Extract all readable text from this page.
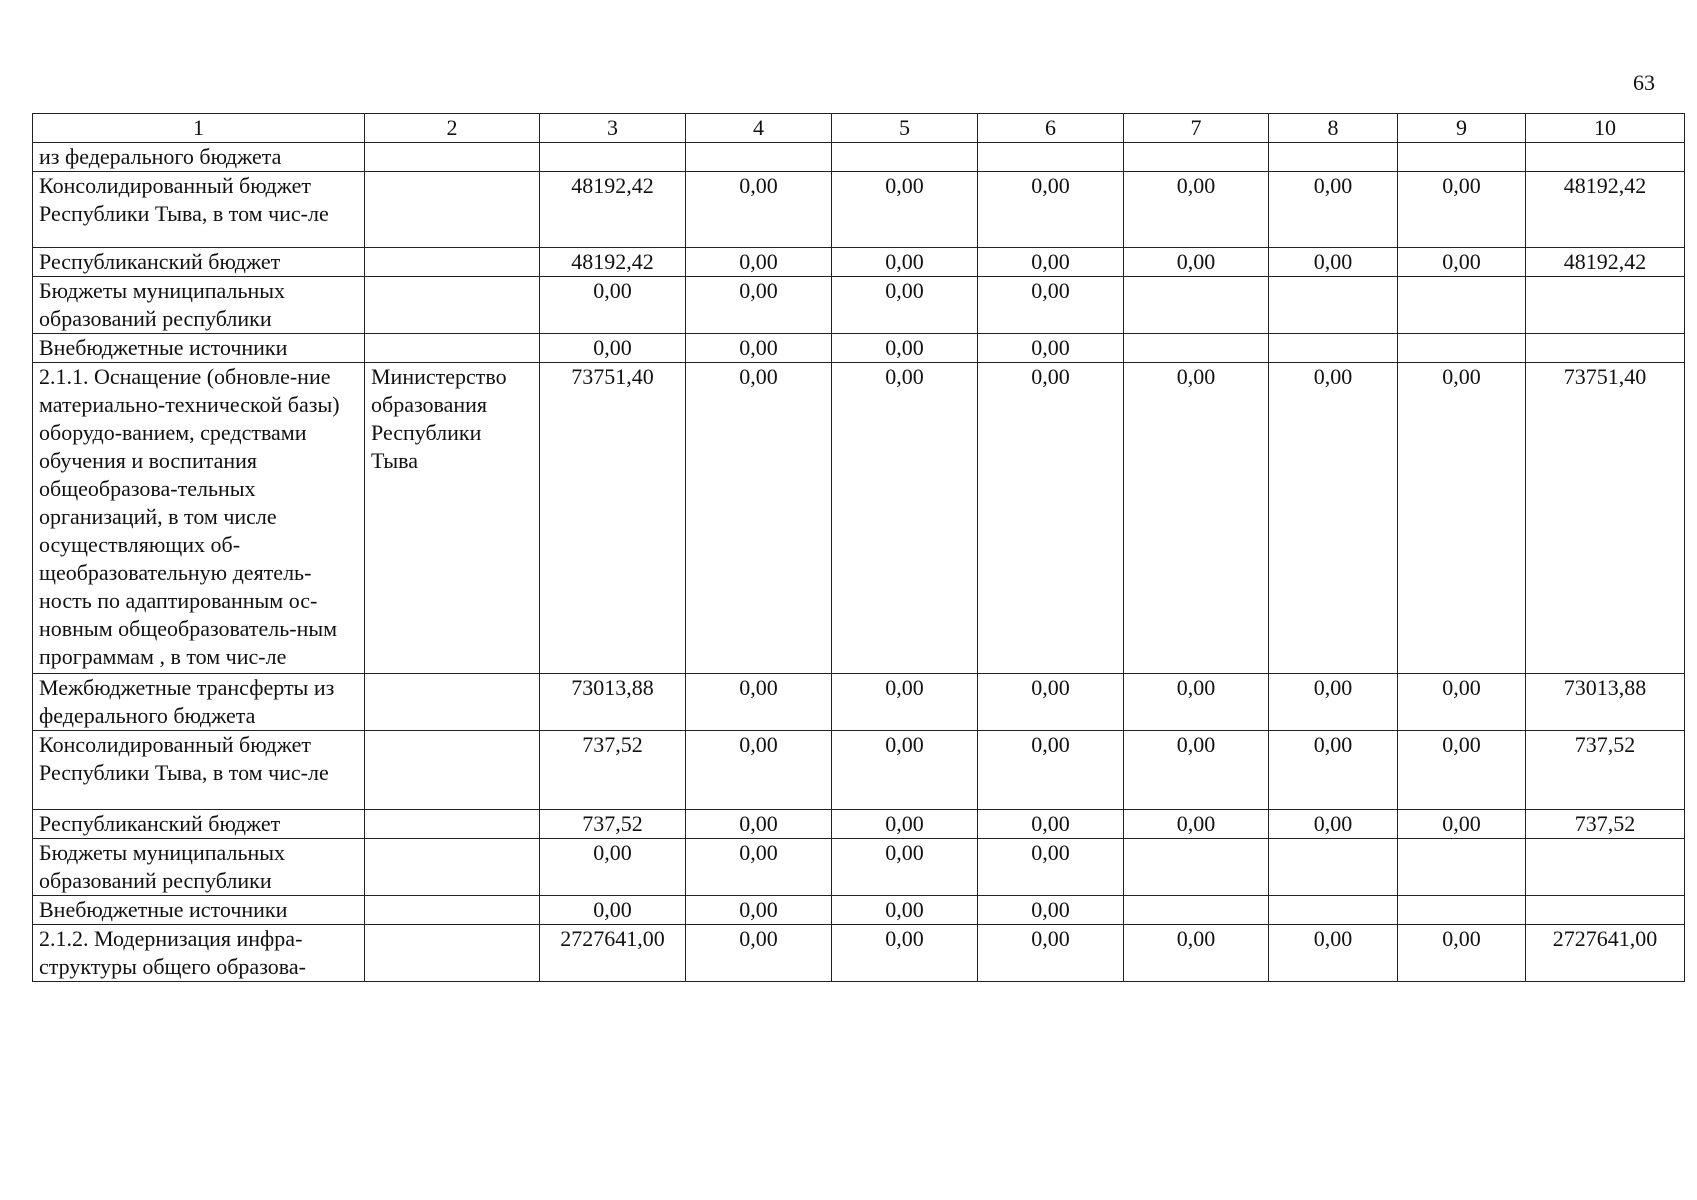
63
1	2	3	4	5	6	7	8	9	10
из федерального бюджета									
Консолидированный бюджет Республики Тыва, в том чис-ле		48192,42	0,00	0,00	0,00	0,00	0,00	0,00	48192,42
Республиканский бюджет		48192,42	0,00	0,00	0,00	0,00	0,00	0,00	48192,42
Бюджеты муниципальных образований республики		0,00	0,00	0,00	0,00				
Внебюджетные источники		0,00	0,00	0,00	0,00				
2.1.1. Оснащение (обновле-ние материально-технической базы) оборудо-ванием, средствами обучения и воспитания общеобразова-тельных организаций, в том числе осуществляющих об-щеобразовательную деятель-ность по адаптированным ос-новным общеобразователь-ным программам , в том чис-ле	Министерство образования Республики Тыва	73751,40	0,00	0,00	0,00	0,00	0,00	0,00	73751,40
Межбюджетные трансферты из федерального бюджета		73013,88	0,00	0,00	0,00	0,00	0,00	0,00	73013,88
Консолидированный бюджет Республики Тыва, в том чис-ле		737,52	0,00	0,00	0,00	0,00	0,00	0,00	737,52
Республиканский бюджет		737,52	0,00	0,00	0,00	0,00	0,00	0,00	737,52
Бюджеты муниципальных образований республики		0,00	0,00	0,00	0,00				
Внебюджетные источники		0,00	0,00	0,00	0,00				
2.1.2. Модернизация инфра-структуры общего образова-		2727641,00	0,00	0,00	0,00	0,00	0,00	0,00	2727641,00
